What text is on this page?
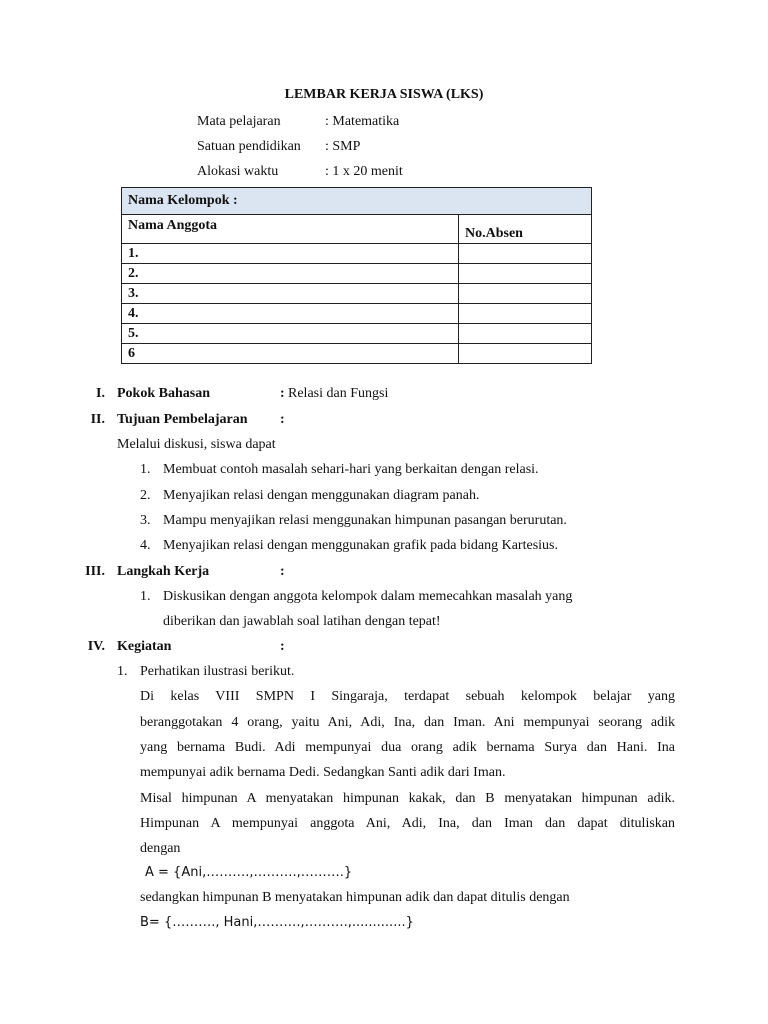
LEMBAR KERJA SISWA (LKS)
Mata pelajaran	: Matematika
Satuan pendidikan : SMP
Alokasi waktu	: 1 x 20 menit
Nama Kelompok :	
Nama Anggota	No.Absen
1.	
2.	
3.	
4.	
5.	
6	
I. Pokok Bahasan	: Relasi dan Fungsi
II. Tujuan Pembelajaran :
Melalui diskusi, siswa dapat
1. Membuat contoh masalah sehari-hari yang berkaitan dengan relasi.
2. Menyajikan relasi dengan menggunakan diagram panah.
3. Mampu menyajikan relasi menggunakan himpunan pasangan berurutan.
4. Menyajikan relasi dengan menggunakan grafik pada bidang Kartesius.
III. Langkah Kerja	:
1. Diskusikan dengan anggota kelompok dalam memecahkan masalah yang
diberikan dan jawablah soal latihan dengan tepat!
IV. Kegiatan	:
1. Perhatikan ilustrasi berikut.
Di kelas VIII SMPN I Singaraja, terdapat sebuah kelompok belajar yang
beranggotakan 4 orang, yaitu Ani, Adi, Ina, dan Iman. Ani mempunyai seorang adik
yang bernama Budi. Adi mempunyai dua orang adik bernama Surya dan Hani. Ina
mempunyai adik bernama Dedi. Sedangkan Santi adik dari Iman.
Misal himpunan A menyatakan himpunan kakak, dan B menyatakan himpunan adik.
Himpunan A mempunyai anggota Ani, Adi, Ina, dan Iman dan dapat dituliskan
dengan
A = {Ani,……….,……….,……….}
sedangkan himpunan B menyatakan himpunan adik dan dapat ditulis dengan
B= {………., Hani,……….,……….,.............}
